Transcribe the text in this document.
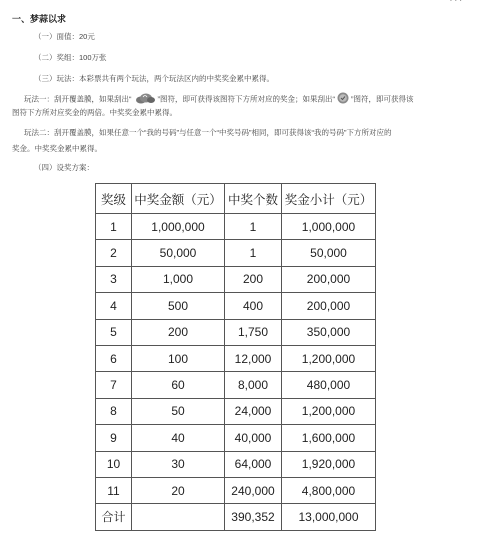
· · ·
一、梦蒜以求
（一）面值：20元
（二）奖组：100万张
（三）玩法：本彩票共有两个玩法，两个玩法区内的中奖奖金累中累得。
玩法一：刮开覆盖膜，如果刮出“	”图符，即可获得该图符下方所对应的奖金；如果刮出“ ”图符，即可获得该
图符下方所对应奖金的两倍。中奖奖金累中累得。
玩法二：刮开覆盖膜，如果任意一个“我的号码”与任意一个“中奖号码”相同，即可获得该“我的号码”下方所对应的
奖金。中奖奖金累中累得。
（四）设奖方案：
奖级	中奖金额（元）	中奖个数	奖金小计（元）
1	1,000,000	1	1,000,000
2	50,000	1	50,000
3	1,000	200	200,000
4	500	400	200,000
5	200	1,750	350,000
6	100	12,000	1,200,000
7	60	8,000	480,000
8	50	24,000	1,200,000
9	40	40,000	1,600,000
10	30	64,000	1,920,000
11	20	240,000	4,800,000
合计		390,352	13,000,000
